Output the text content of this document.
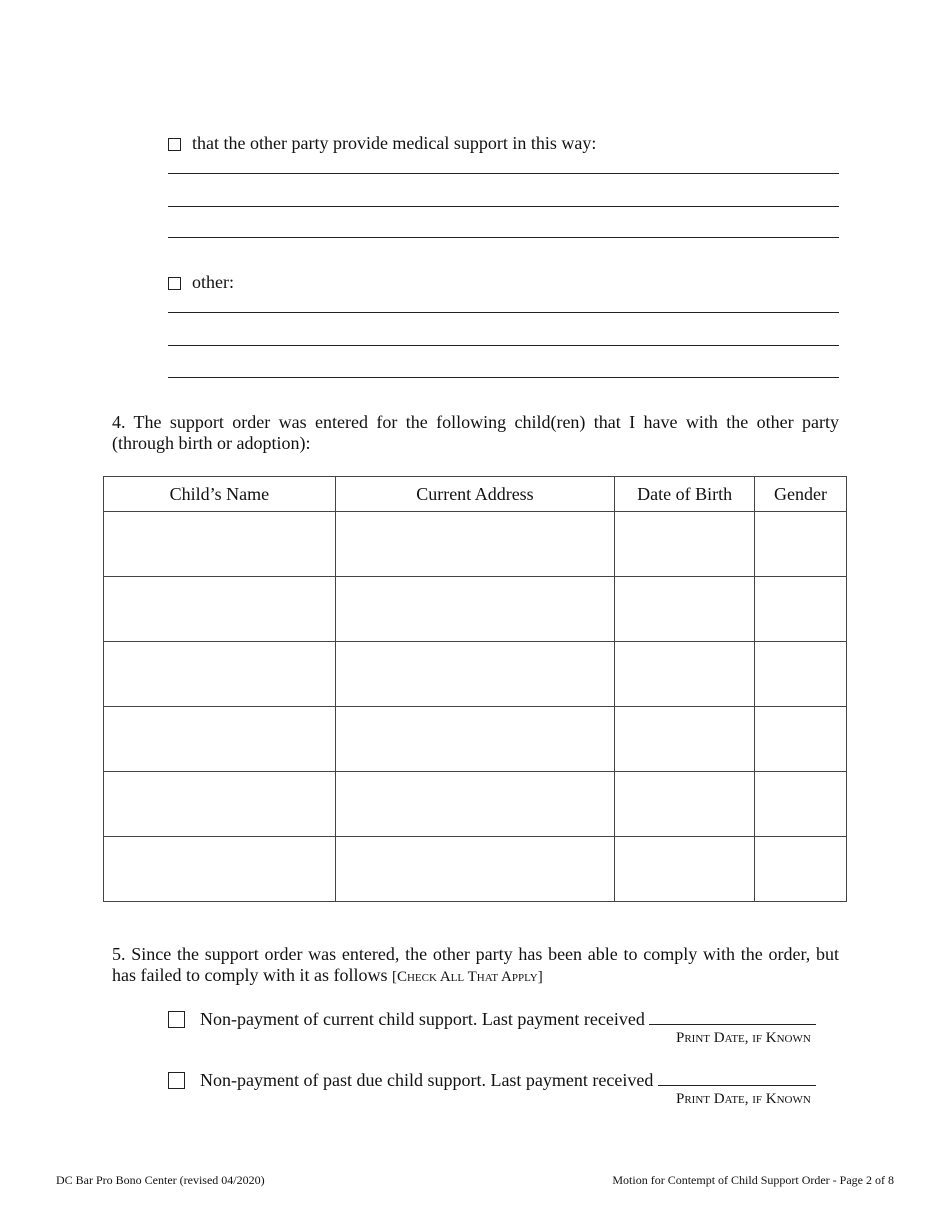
that the other party provide medical support in this way:
other:
4. The support order was entered for the following child(ren) that I have with the other party (through birth or adoption):
Child’s Name	Current Address	Date of Birth	Gender

5. Since the support order was entered, the other party has been able to comply with the order, but has failed to comply with it as follows [Check All That Apply]
Non-payment of current child support. Last payment received
Print Date, if Known
Non-payment of past due child support. Last payment received
Print Date, if Known
DC Bar Pro Bono Center (revised 04/2020)	Motion for Contempt of Child Support Order - Page 2 of 8
